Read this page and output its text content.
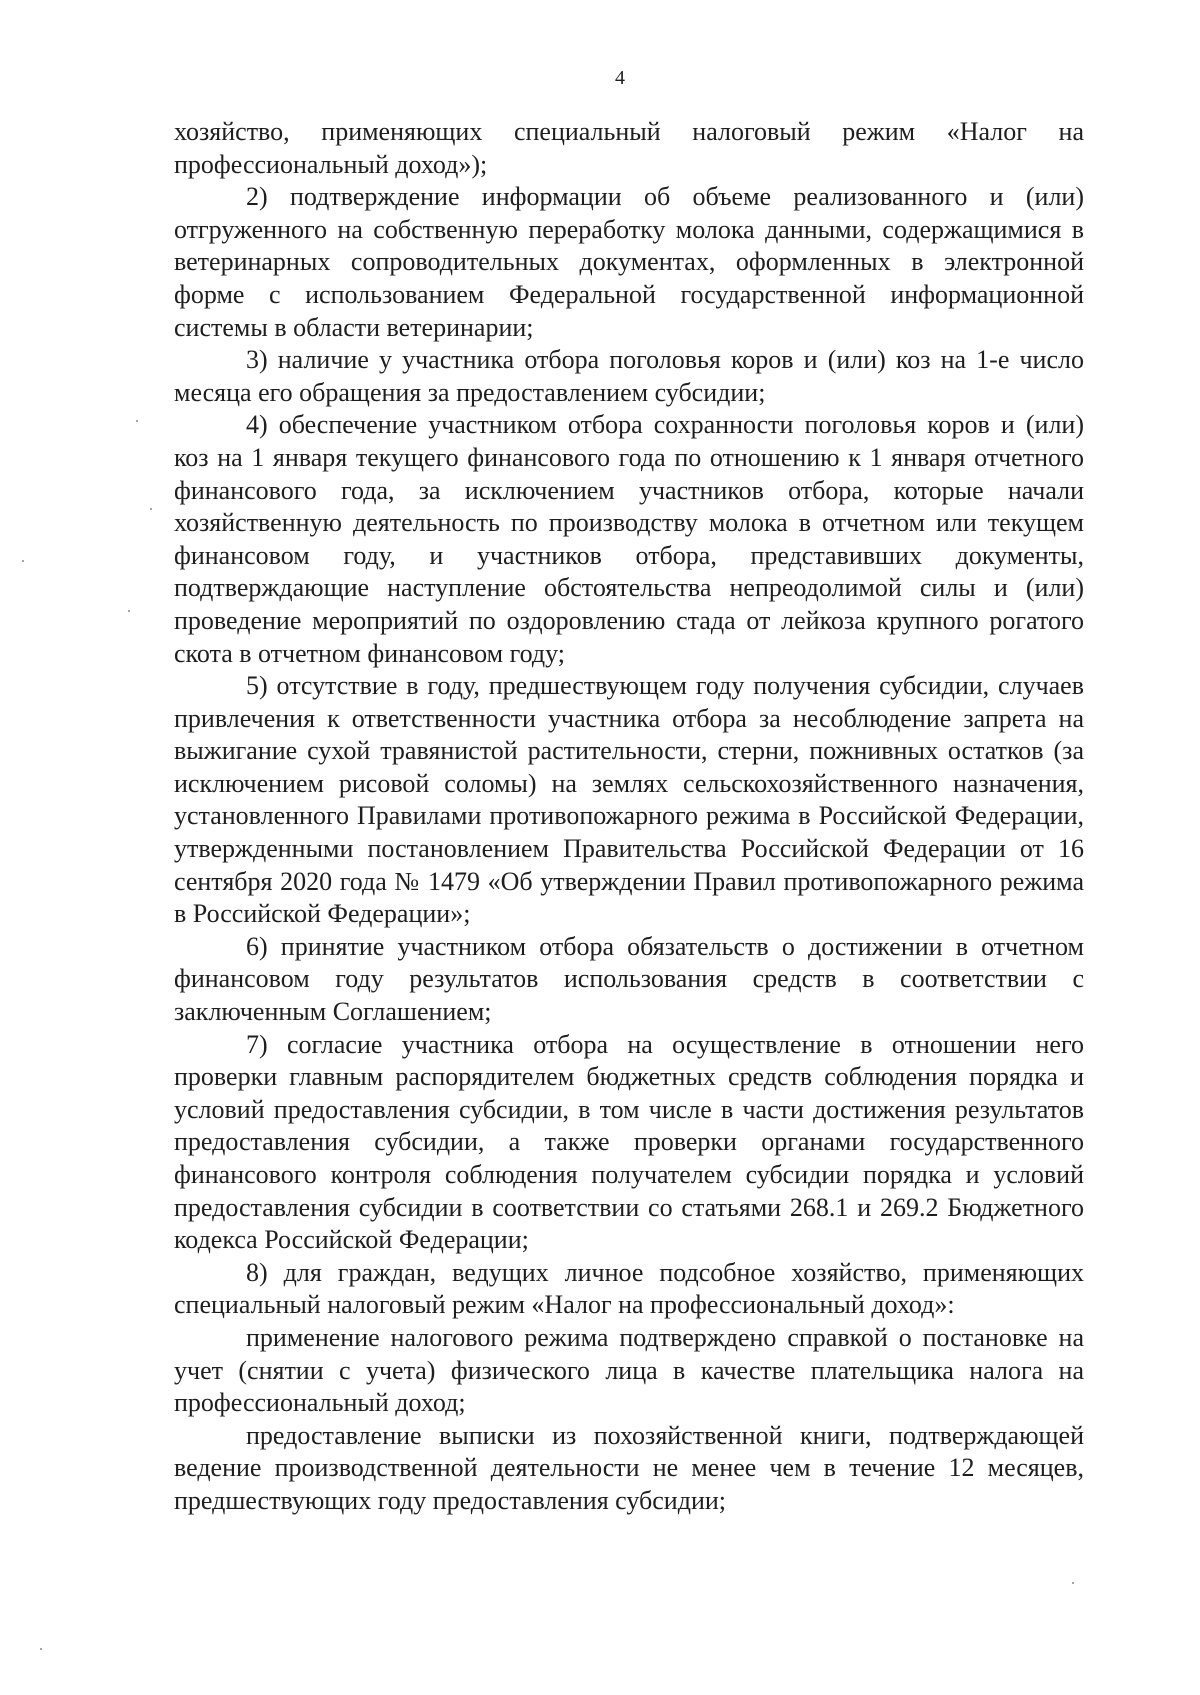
4

хозяйство, применяющих специальный налоговый режим «Налог на профессиональный доход»);

2) подтверждение информации об объеме реализованного и (или) отгруженного на собственную переработку молока данными, содержащимися в ветеринарных сопроводительных документах, оформленных в электронной форме с использованием Федеральной государственной информационной системы в области ветеринарии;

3) наличие у участника отбора поголовья коров и (или) коз на 1-е число месяца его обращения за предоставлением субсидии;

4) обеспечение участником отбора сохранности поголовья коров и (или) коз на 1 января текущего финансового года по отношению к 1 января отчетного финансового года, за исключением участников отбора, которые начали хозяйственную деятельность по производству молока в отчетном или текущем финансовом году, и участников отбора, представивших документы, подтверждающие наступление обстоятельства непреодолимой силы и (или) проведение мероприятий по оздоровлению стада от лейкоза крупного рогатого скота в отчетном финансовом году;

5) отсутствие в году, предшествующем году получения субсидии, случаев привлечения к ответственности участника отбора за несоблюдение запрета на выжигание сухой травянистой растительности, стерни, пожнивных остатков (за исключением рисовой соломы) на землях сельскохозяйственного назначения, установленного Правилами противопожарного режима в Российской Федерации, утвержденными постановлением Правительства Российской Федерации от 16 сентября 2020 года № 1479 «Об утверждении Правил противопожарного режима в Российской Федерации»;

6) принятие участником отбора обязательств о достижении в отчетном финансовом году результатов использования средств в соответствии с заключенным Соглашением;

7) согласие участника отбора на осуществление в отношении него проверки главным распорядителем бюджетных средств соблюдения порядка и условий предоставления субсидии, в том числе в части достижения результатов предоставления субсидии, а также проверки органами государственного финансового контроля соблюдения получателем субсидии порядка и условий предоставления субсидии в соответствии со статьями 268.1 и 269.2 Бюджетного кодекса Российской Федерации;

8) для граждан, ведущих личное подсобное хозяйство, применяющих специальный налоговый режим «Налог на профессиональный доход»:

применение налогового режима подтверждено справкой о постановке на учет (снятии с учета) физического лица в качестве плательщика налога на профессиональный доход;

предоставление выписки из похозяйственной книги, подтверждающей ведение производственной деятельности не менее чем в течение 12 месяцев, предшествующих году предоставления субсидии;
